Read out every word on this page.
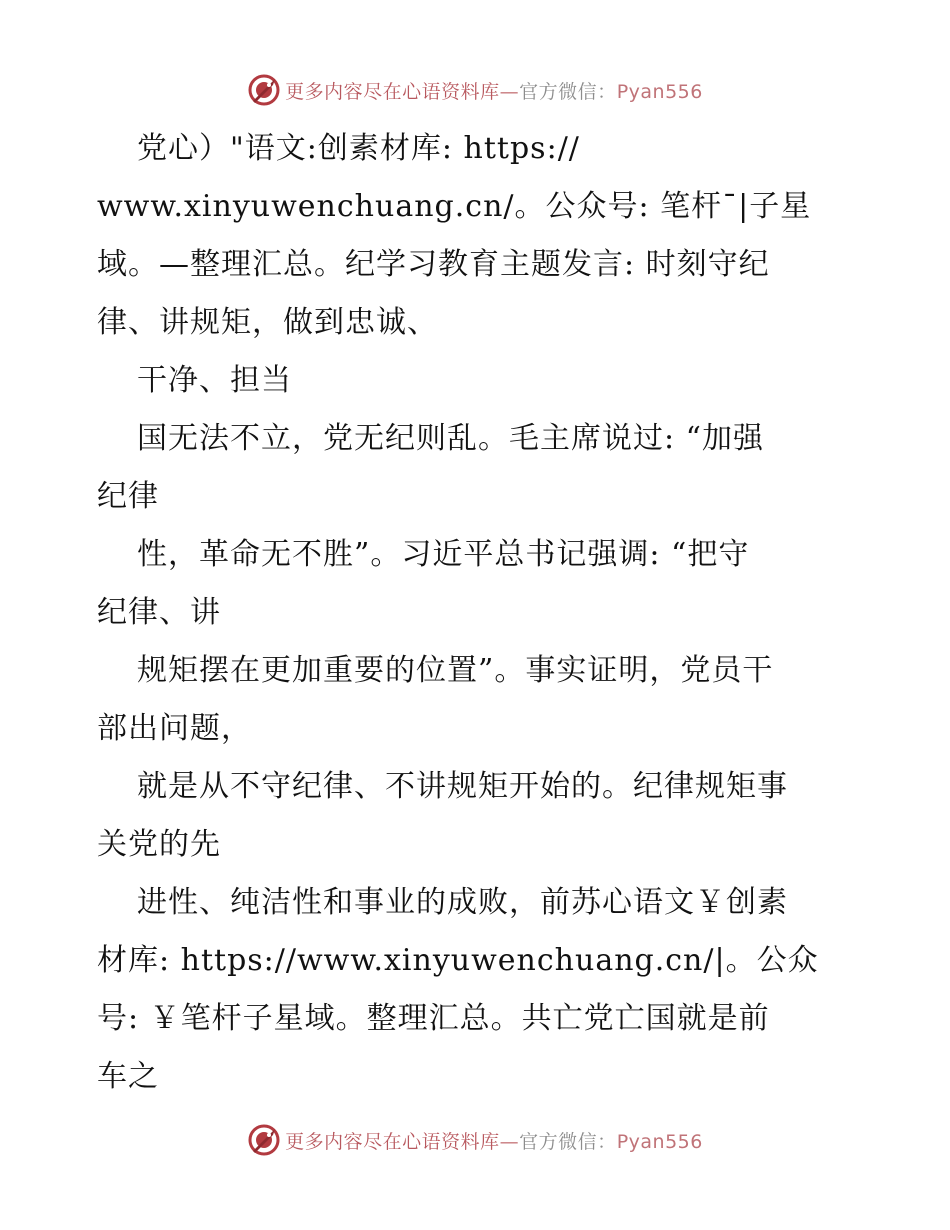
更多内容尽在心语资料库—官方微信：Pyan556
党心）"语文:创素材库: https://
www.xinyuwenchuang.cn/。公众号: 笔杆¯|子星
域。—整理汇总。纪学习教育主题发言: 时刻守纪
律、讲规矩，做到忠诚、
干净、担当
国无法不立，党无纪则乱。毛主席说过: “加强
纪律
性，革命无不胜”。习近平总书记强调: “把守
纪律、讲
规矩摆在更加重要的位置”。事实证明，党员干
部出问题，
就是从不守纪律、不讲规矩开始的。纪律规矩事
关党的先
进性、纯洁性和事业的成败，前苏心语文￥创素
材库: https://www.xinyuwenchuang.cn/|。公众
号: ￥笔杆子星域。整理汇总。共亡党亡国就是前
车之
更多内容尽在心语资料库—官方微信：Pyan556
